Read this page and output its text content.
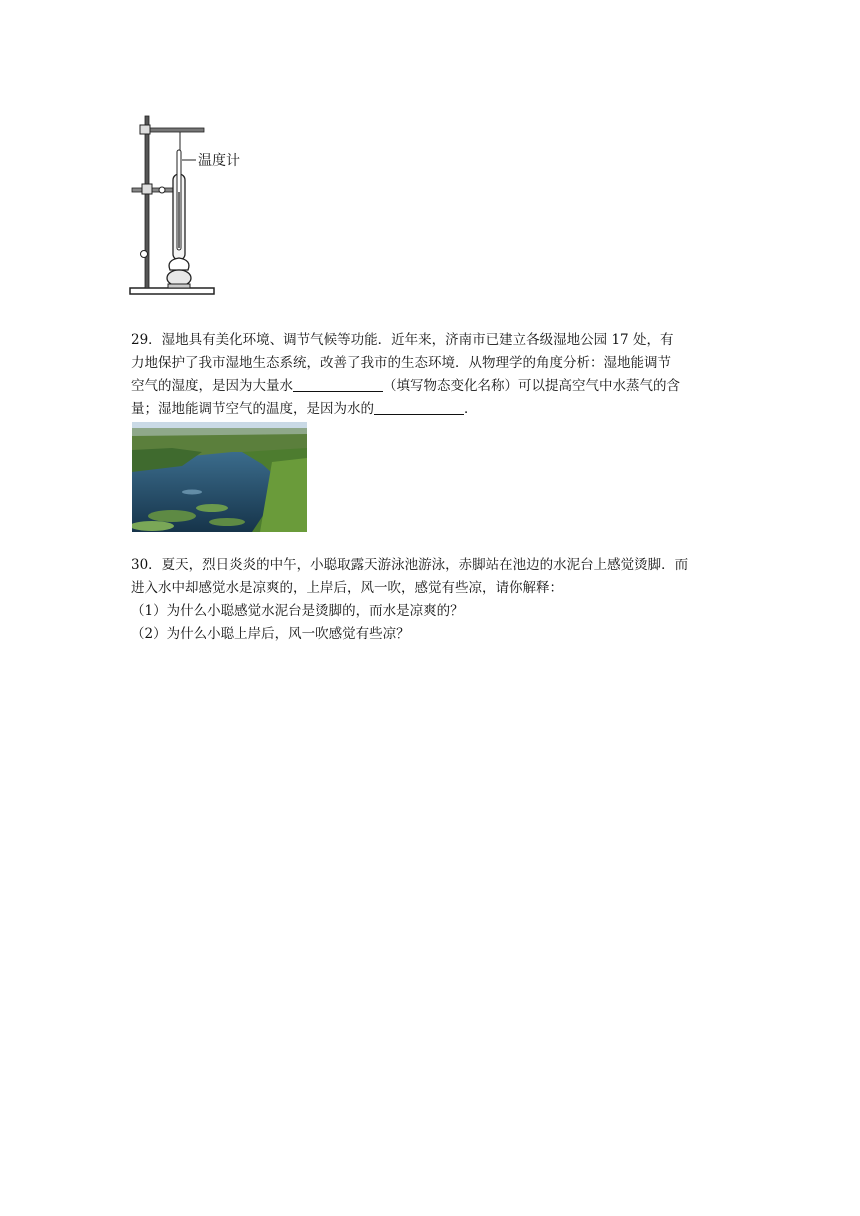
温度计

29．湿地具有美化环境、调节气候等功能．近年来，济南市已建立各级湿地公园 17 处，有

力地保护了我市湿地生态系统，改善了我市的生态环境．从物理学的角度分析：湿地能调节

空气的湿度，是因为大量水	（填写物态变化名称）可以提高空气中水蒸气的含

量；湿地能调节空气的温度，是因为水的	．

30．夏天，烈日炎炎的中午，小聪取露天游泳池游泳，赤脚站在池边的水泥台上感觉烫脚．而

进入水中却感觉水是凉爽的，上岸后，风一吹，感觉有些凉，请你解释：

（1）为什么小聪感觉水泥台是烫脚的，而水是凉爽的？

（2）为什么小聪上岸后，风一吹感觉有些凉？
